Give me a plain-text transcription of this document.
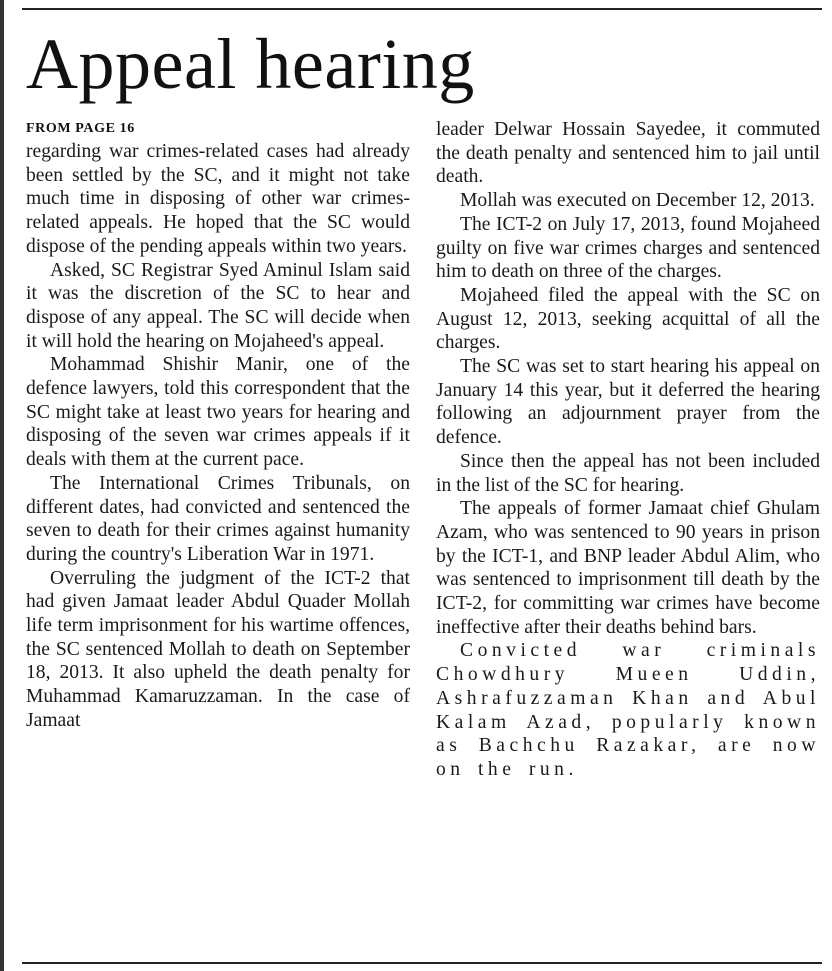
Appeal hearing
FROM PAGE 16

regarding war crimes-related cases had already been settled by the SC, and it might not take much time in disposing of other war crimes-related appeals. He hoped that the SC would dispose of the pending appeals within two years.

Asked, SC Registrar Syed Aminul Islam said it was the discretion of the SC to hear and dispose of any appeal. The SC will decide when it will hold the hearing on Mojaheed's appeal.

Mohammad Shishir Manir, one of the defence lawyers, told this correspondent that the SC might take at least two years for hearing and disposing of the seven war crimes appeals if it deals with them at the current pace.

The International Crimes Tribunals, on different dates, had convicted and sentenced the seven to death for their crimes against humanity during the country's Liberation War in 1971.

Overruling the judgment of the ICT-2 that had given Jamaat leader Abdul Quader Mollah life term imprisonment for his wartime offences, the SC sentenced Mollah to death on September 18, 2013. It also upheld the death penalty for Muhammad Kamaruzzaman. In the case of Jamaat

leader Delwar Hossain Sayedee, it commuted the death penalty and sentenced him to jail until death.

Mollah was executed on December 12, 2013.

The ICT-2 on July 17, 2013, found Mojaheed guilty on five war crimes charges and sentenced him to death on three of the charges.

Mojaheed filed the appeal with the SC on August 12, 2013, seeking acquittal of all the charges.

The SC was set to start hearing his appeal on January 14 this year, but it deferred the hearing following an adjournment prayer from the defence.

Since then the appeal has not been included in the list of the SC for hearing.

The appeals of former Jamaat chief Ghulam Azam, who was sentenced to 90 years in prison by the ICT-1, and BNP leader Abdul Alim, who was sentenced to imprisonment till death by the ICT-2, for committing war crimes have become ineffective after their deaths behind bars.

Convicted war criminals Chowdhury Mueen Uddin, Ashrafuzzaman Khan and Abul Kalam Azad, popularly known as Bachchu Razakar, are now on the run.
